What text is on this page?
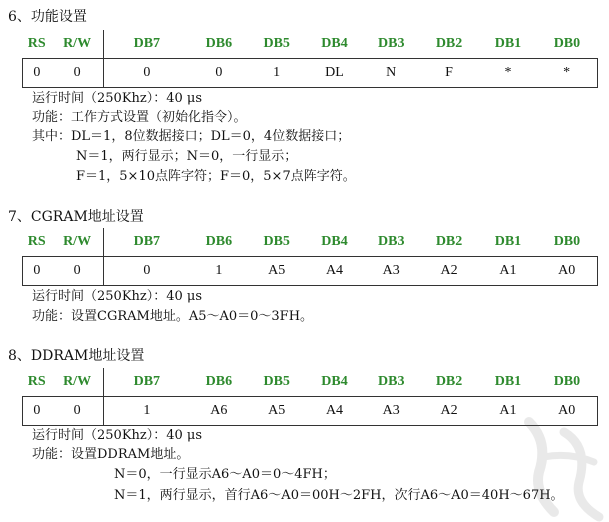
6、功能设置
RS	R/W	DB7	DB6	DB5	DB4	DB3	DB2	DB1	DB0
0	0	0	0	1	DL	N	F	*	*
运行时间（250Khz）：40 μs
功能：工作方式设置（初始化指令）。
其中：DL＝1，8位数据接口；DL＝0，4位数据接口；
N＝1，两行显示；N＝0，一行显示；
F＝1，5×10点阵字符；F＝0，5×7点阵字符。
7、CGRAM地址设置
RS	R/W	DB7	DB6	DB5	DB4	DB3	DB2	DB1	DB0
0	0	0	1	A5	A4	A3	A2	A1	A0
运行时间（250Khz）：40 μs
功能：设置CGRAM地址。A5～A0＝0～3FH。
8、DDRAM地址设置
RS	R/W	DB7	DB6	DB5	DB4	DB3	DB2	DB1	DB0
0	0	1	A6	A5	A4	A3	A2	A1	A0
运行时间（250Khz）：40 μs
功能：设置DDRAM地址。
N＝0，一行显示A6～A0＝0～4FH；
N＝1，两行显示，首行A6～A0＝00H～2FH，次行A6～A0＝40H～67H。
